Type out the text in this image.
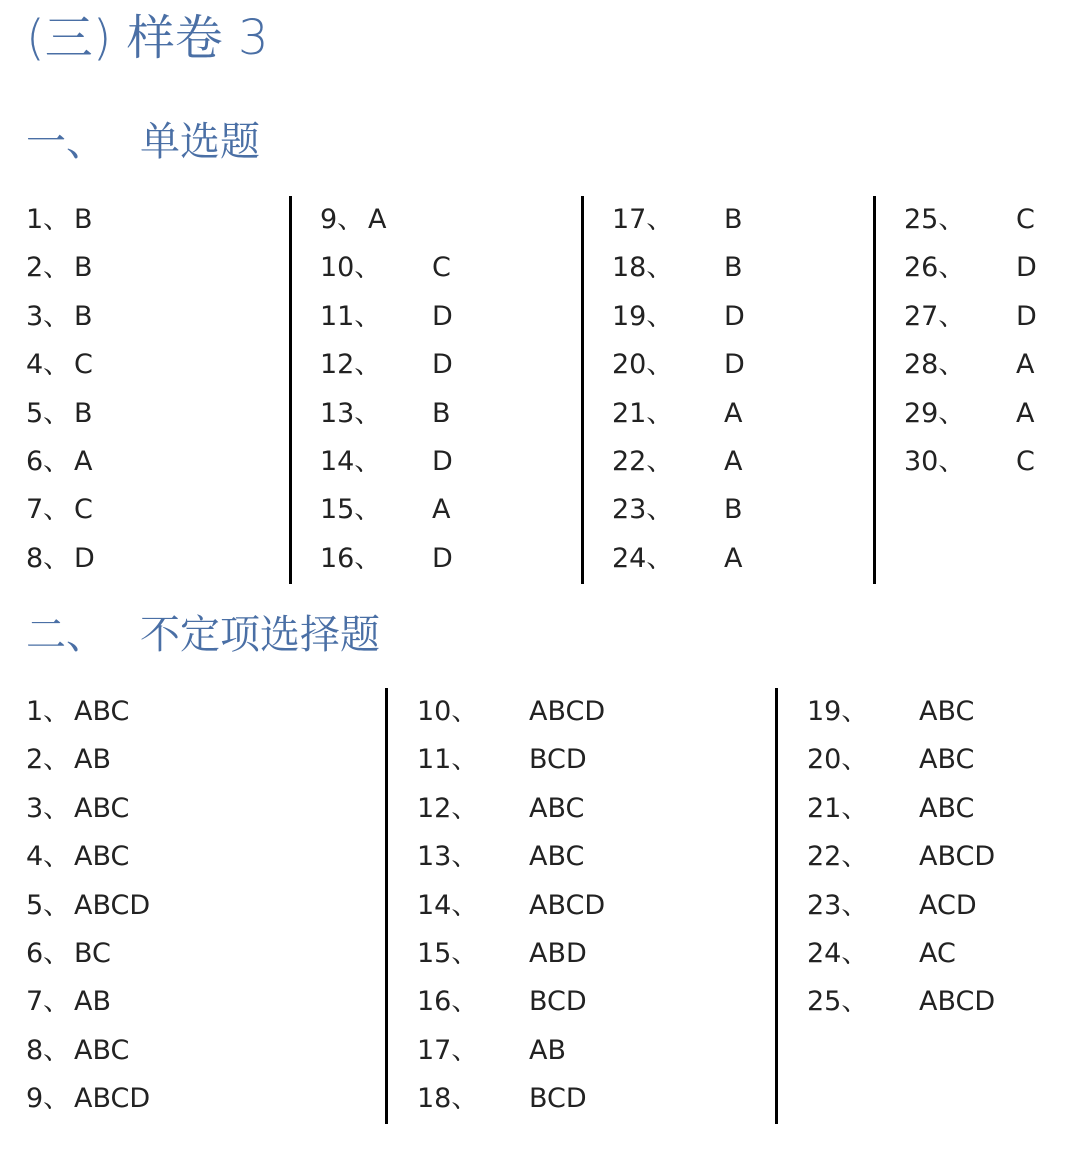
(三) 样卷 3
一、 单选题
二、 不定项选择题
1、 B
2、 B
3、 B
4、 C
5、 B
6、 A
7、 C
8、 D
9、 A
10、 C
11、 D
12、 D
13、 B
14、 D
15、 A
16、 D
17、 B
18、 B
19、 D
20、 D
21、 A
22、 A
23、 B
24、 A
25、 C
26、 D
27、 D
28、 A
29、 A
30、 C
1、 ABC
2、 AB
3、 ABC
4、 ABC
5、 ABCD
6、 BC
7、 AB
8、 ABC
9、 ABCD
10、 ABCD
11、 BCD
12、 ABC
13、 ABC
14、 ABCD
15、 ABD
16、 BCD
17、 AB
18、 BCD
19、 ABC
20、 ABC
21、 ABC
22、 ABCD
23、 ACD
24、 AC
25、 ABCD
